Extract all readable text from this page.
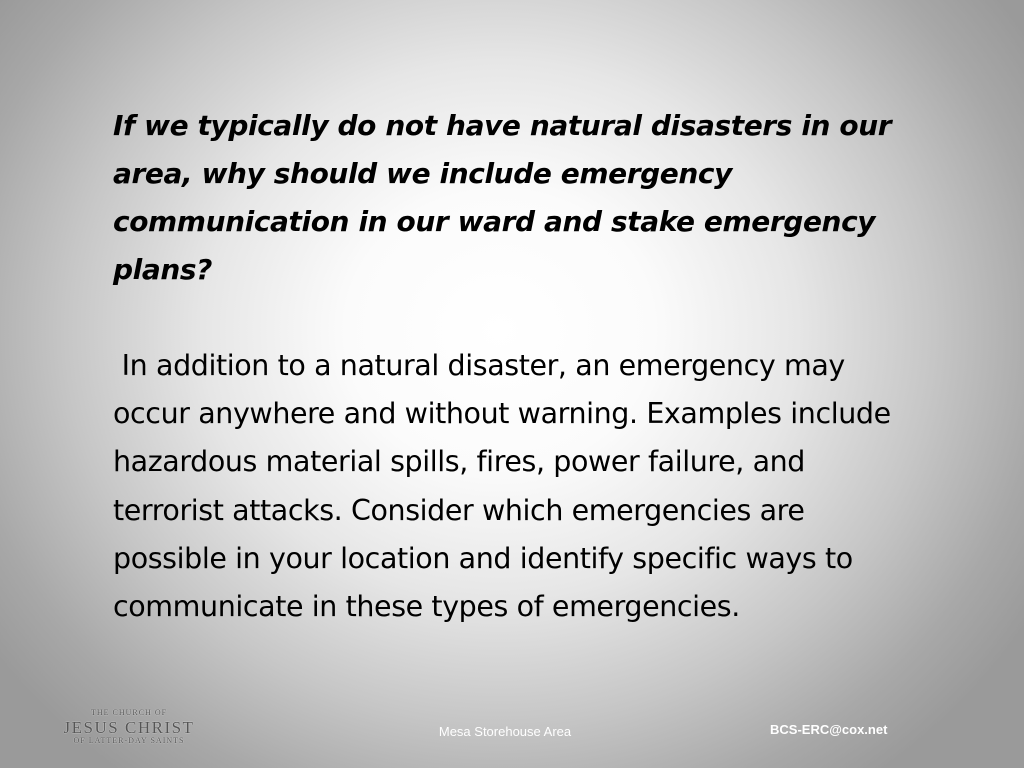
If we typically do not have natural disasters in our area, why should we include emergency communication in our ward and stake emergency plans?

In addition to a natural disaster, an emergency may occur anywhere and without warning. Examples include hazardous material spills, fires, power failure, and terrorist attacks. Consider which emergencies are possible in your location and identify specific ways to communicate in these types of emergencies.

THE CHURCH OF
JESUS CHRIST
OF LATTER-DAY SAINTS
Mesa Storehouse Area	BCS-ERC@cox.net
